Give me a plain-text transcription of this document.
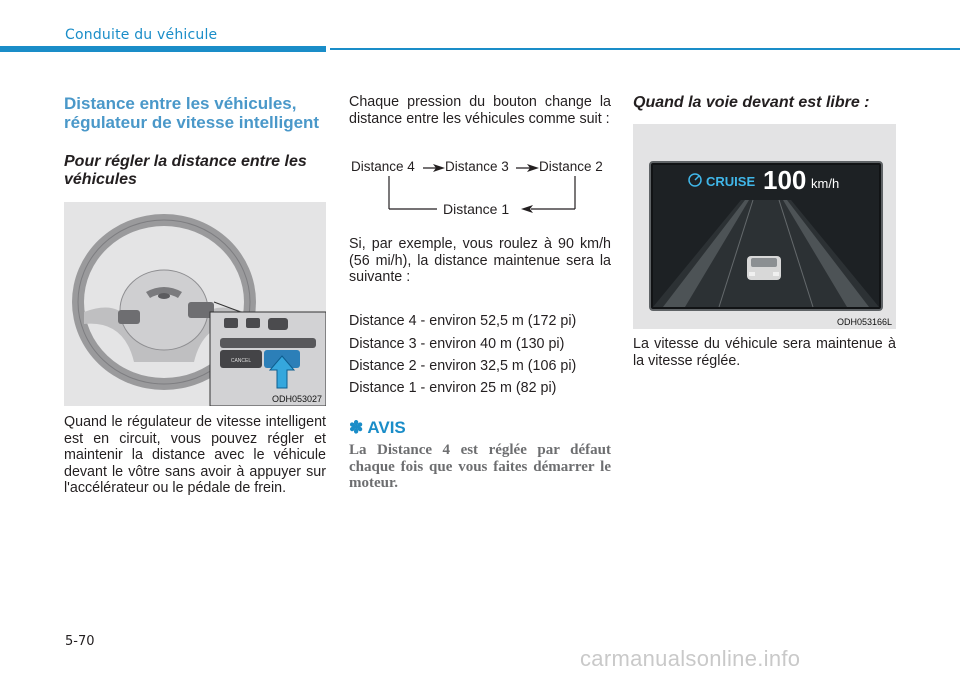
Conduite du véhicule
Distance entre les véhicules, régulateur de vitesse intelligent
Pour régler la distance entre les véhicules
CANCEL
ODH053027
Quand le régulateur de vitesse intelligent est en circuit, vous pouvez régler et maintenir la distance avec le véhicule devant le vôtre sans avoir à appuyer sur l'accélérateur ou le pédale de frein.
Chaque pression du bouton change la distance entre les véhicules comme suit :
Distance 4 Distance 3 Distance 2
Distance 1
Si, par exemple, vous roulez à 90 km/h (56 mi/h), la distance maintenue sera la suivante :
Distance 4 - environ 52,5 m (172 pi)
Distance 3 - environ 40 m (130 pi)
Distance 2 - environ 32,5 m (106 pi)
Distance 1 - environ 25 m (82 pi)
✽ AVIS
La Distance 4 est réglée par défaut chaque fois que vous faites démarrer le moteur.
Quand la voie devant est libre :
CRUISE 100 km/h
ODH053166L
La vitesse du véhicule sera maintenue à la vitesse réglée.
5-70
carmanualsonline.info
